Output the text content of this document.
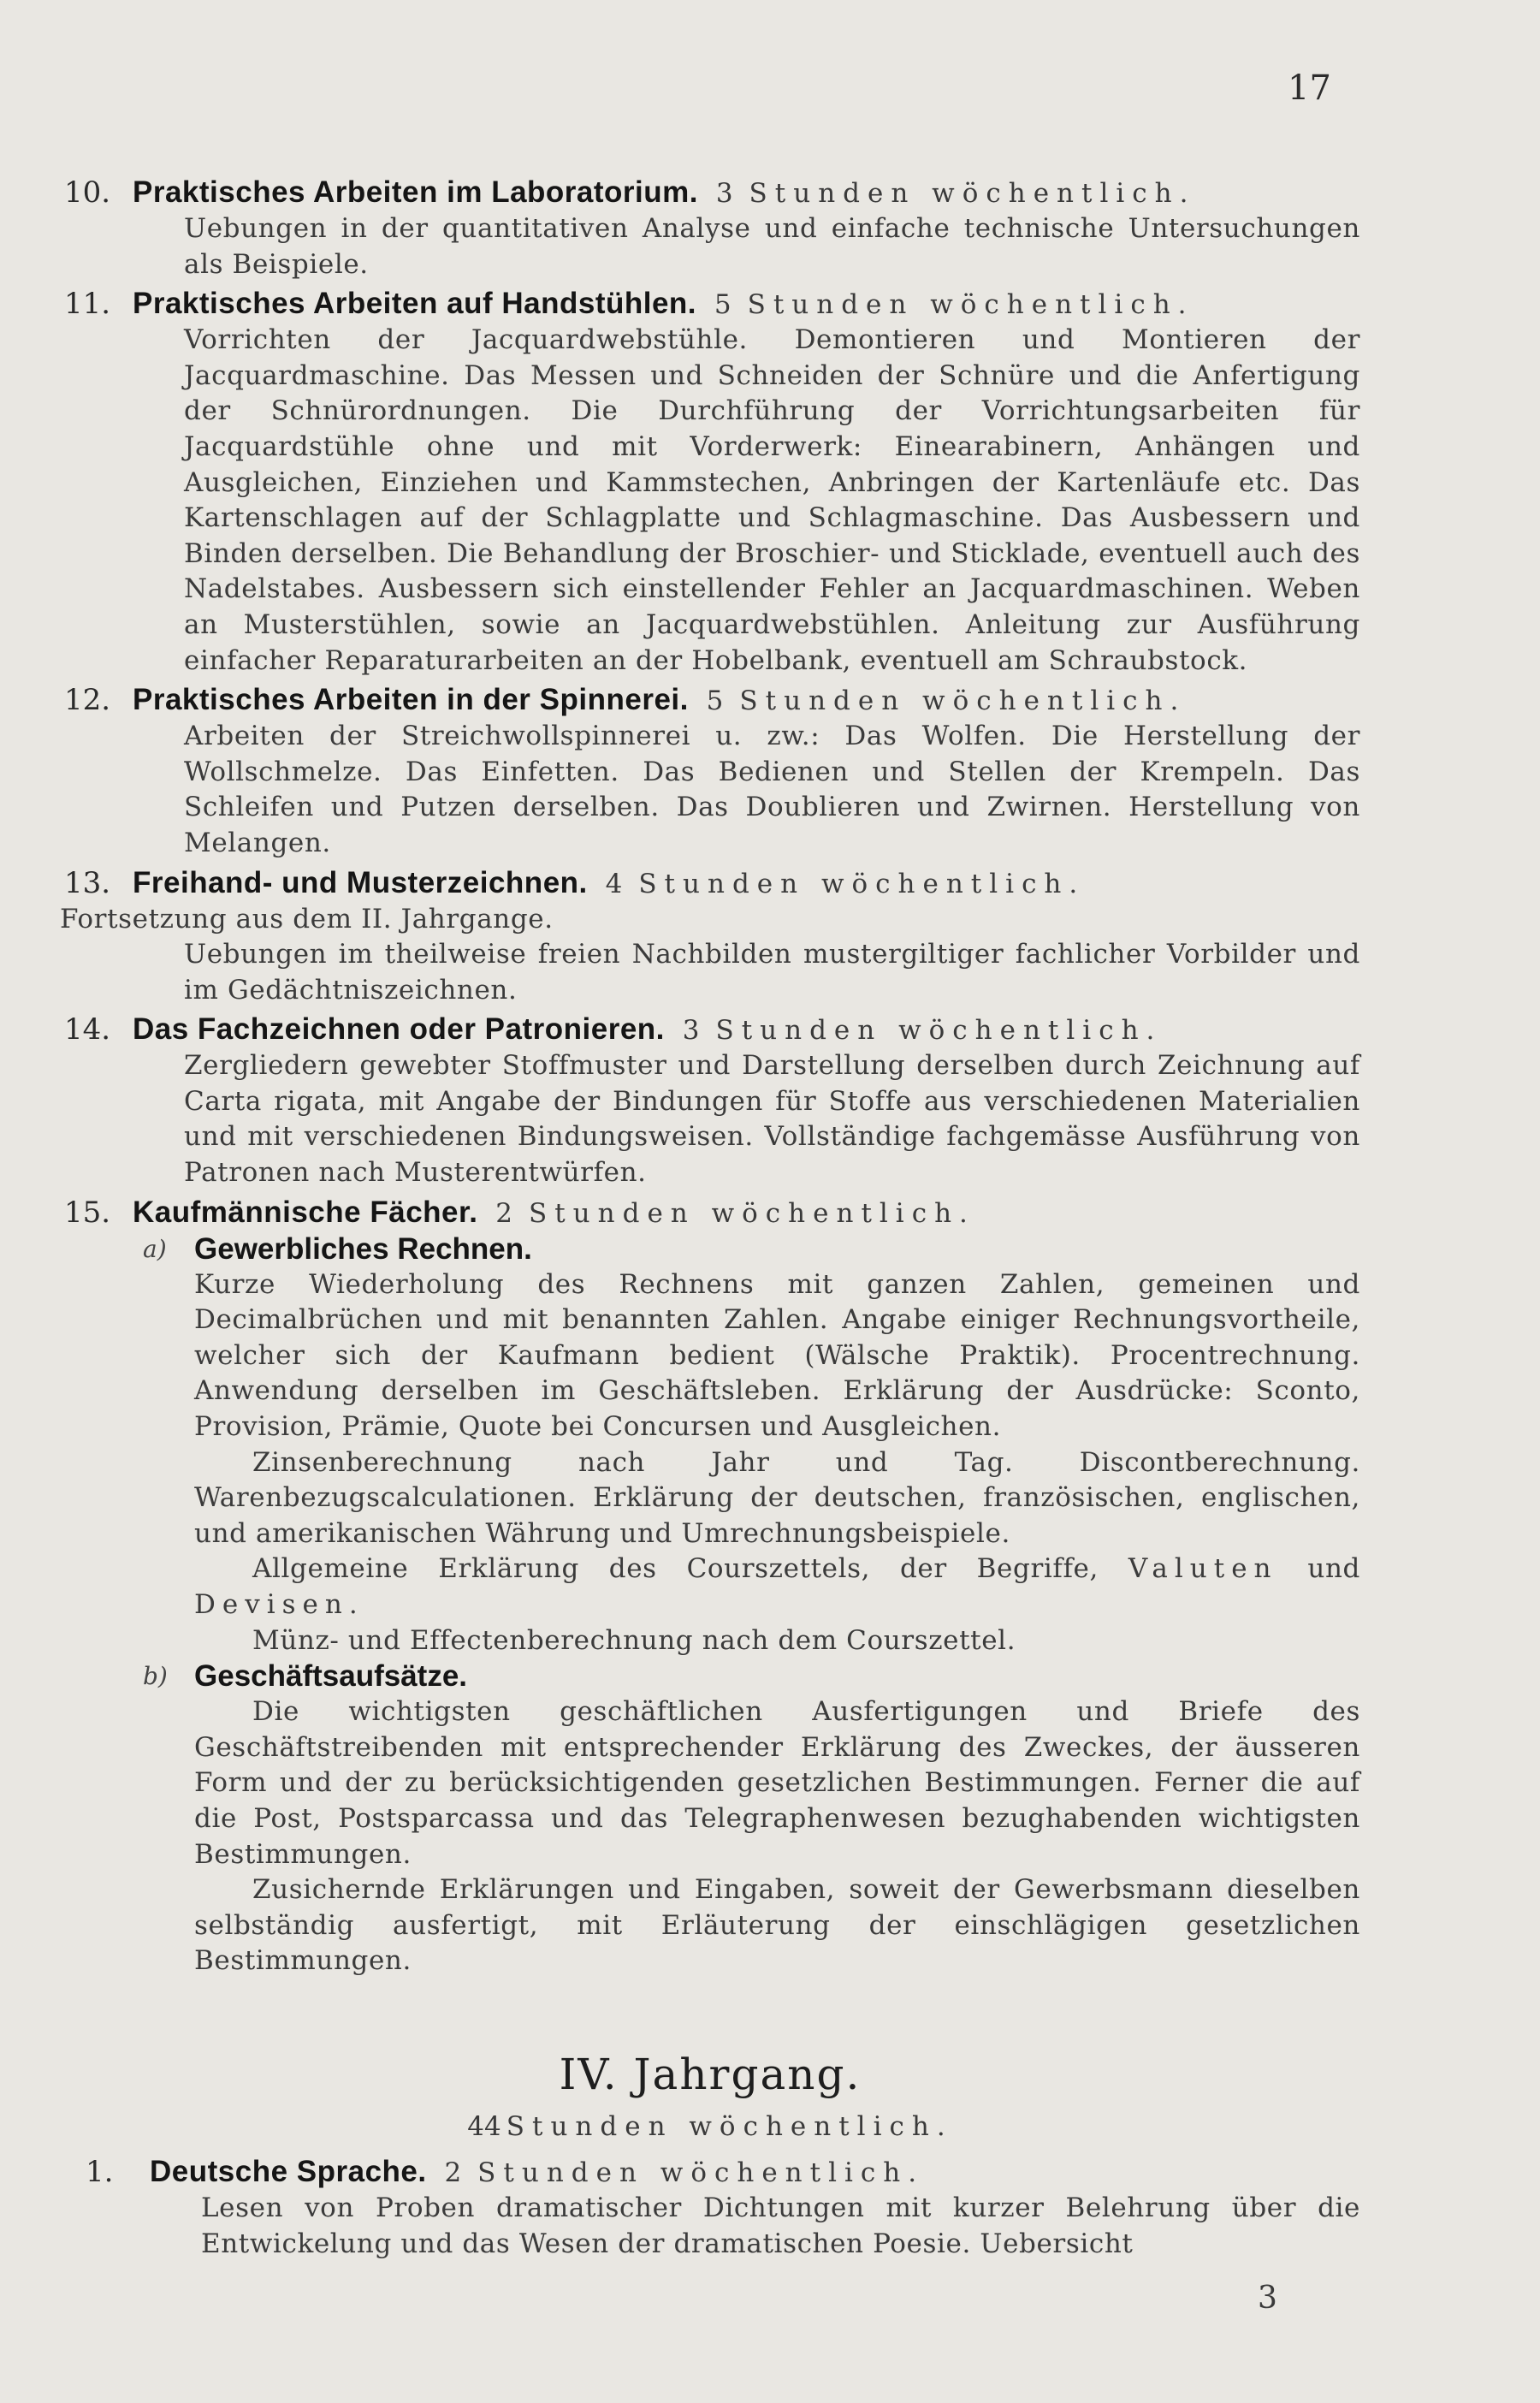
17
10. Praktisches Arbeiten im Laboratorium. 3 Stunden wöchentlich.
Uebungen in der quantitativen Analyse und einfache technische Untersuchungen als Beispiele.
11. Praktisches Arbeiten auf Handstühlen. 5 Stunden wöchentlich.
Vorrichten der Jacquardwebstühle. Demontieren und Montieren der Jacquardmaschine. Das Messen und Schneiden der Schnüre und die Anfertigung der Schnürordnungen. Die Durchführung der Vorrichtungsarbeiten für Jacquardstühle ohne und mit Vorderwerk: Einearabinern, Anhängen und Ausgleichen, Einziehen und Kammstechen, Anbringen der Kartenläufe etc. Das Kartenschlagen auf der Schlagplatte und Schlagmaschine. Das Ausbessern und Binden derselben. Die Behandlung der Broschier- und Sticklade, eventuell auch des Nadelstabes. Ausbessern sich einstellender Fehler an Jacquardmaschinen. Weben an Musterstühlen, sowie an Jacquardwebstühlen. Anleitung zur Ausführung einfacher Reparaturarbeiten an der Hobelbank, eventuell am Schraubstock.
12. Praktisches Arbeiten in der Spinnerei. 5 Stunden wöchentlich.
Arbeiten der Streichwollspinnerei u. zw.: Das Wolfen. Die Herstellung der Wollschmelze. Das Einfetten. Das Bedienen und Stellen der Krempeln. Das Schleifen und Putzen derselben. Das Doublieren und Zwirnen. Herstellung von Melangen.
13. Freihand- und Musterzeichnen. 4 Stunden wöchentlich.
Fortsetzung aus dem II. Jahrgange.
Uebungen im theilweise freien Nachbilden mustergiltiger fachlicher Vorbilder und im Gedächtniszeichnen.
14. Das Fachzeichnen oder Patronieren. 3 Stunden wöchentlich.
Zergliedern gewebter Stoffmuster und Darstellung derselben durch Zeichnung auf Carta rigata, mit Angabe der Bindungen für Stoffe aus verschiedenen Materialien und mit verschiedenen Bindungsweisen. Vollständige fachgemässe Ausführung von Patronen nach Musterentwürfen.
15. Kaufmännische Fächer. 2 Stunden wöchentlich.
a) Gewerbliches Rechnen.
Kurze Wiederholung des Rechnens mit ganzen Zahlen, gemeinen und Decimalbrüchen und mit benannten Zahlen. Angabe einiger Rechnungsvortheile, welcher sich der Kaufmann bedient (Wälsche Praktik). Procentrechnung. Anwendung derselben im Geschäftsleben. Erklärung der Ausdrücke: Sconto, Provision, Prämie, Quote bei Concursen und Ausgleichen.
Zinsenberechnung nach Jahr und Tag. Discontberechnung. Warenbezugscalculationen. Erklärung der deutschen, französischen, englischen, und amerikanischen Währung und Umrechnungsbeispiele.
Allgemeine Erklärung des Courszettels, der Begriffe, Valuten und Devisen.
Münz- und Effectenberechnung nach dem Courszettel.
b) Geschäftsaufsätze.
Die wichtigsten geschäftlichen Ausfertigungen und Briefe des Geschäftstreibenden mit entsprechender Erklärung des Zweckes, der äusseren Form und der zu berücksichtigenden gesetzlichen Bestimmungen. Ferner die auf die Post, Postsparcassa und das Telegraphenwesen bezughabenden wichtigsten Bestimmungen.
Zusichernde Erklärungen und Eingaben, soweit der Gewerbsmann dieselben selbständig ausfertigt, mit Erläuterung der einschlägigen gesetzlichen Bestimmungen.
IV. Jahrgang.
44 Stunden wöchentlich.
1. Deutsche Sprache. 2 Stunden wöchentlich.
Lesen von Proben dramatischer Dichtungen mit kurzer Belehrung über die Entwickelung und das Wesen der dramatischen Poesie. Uebersicht
3
